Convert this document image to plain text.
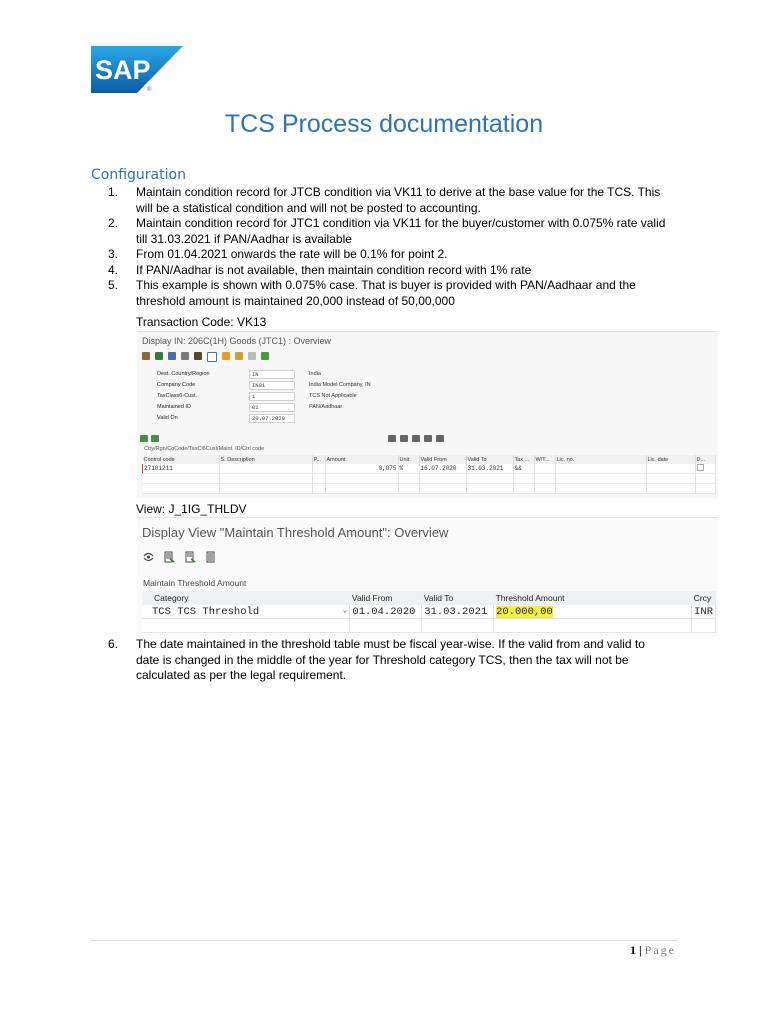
SAP
®
TCS Process documentation
Configuration
1.	Maintain condition record for JTCB condition via VK11 to derive at the base value for the TCS. This will be a statistical condition and will not be posted to accounting.
2.	Maintain condition record for JTC1 condition via VK11 for the buyer/customer with 0.075% rate valid till 31.03.2021 if PAN/Aadhar is available
3.	From 01.04.2021 onwards the rate will be 0.1% for point 2.
4.	If PAN/Aadhar is not available, then maintain condition record with 1% rate
5.	This example is shown with 0.075% case. That is buyer is provided with PAN/Aadhaar and the threshold amount is maintained 20,000 instead of 50,00,000
Transaction Code: VK13
Display IN: 206C(1H) Goods (JTC1) : Overview
Dest. Country/Region	IN	India
Company Code	IN01	India Model Company, IN
TaxClass6-Cust.	1	TCS Not Applicable
Maintained ID	01	PAN/Aadhaar
Valid On	20.07.2020
Ctry/Rgn/CoCode/TaxCl6Cust/Maint. ID/Ctrl code
Control code	S. Description	P...	Amount	Unit	Valid From	Valid To	Tax ...	W/T...	Lic. no.	Lic. date	D...
27101211			0,075	%	16.07.2020	31.03.2021	&&				

View: J_1IG_THLDV
Display View "Maintain Threshold Amount": Overview
Maintain Threshold Amount
Category	Valid From	Valid To	Threshold Amount	Crcy
TCS TCS Threshold ⌄	01.04.2020	31.03.2021	20.000,00	INR

6.	The date maintained in the threshold table must be fiscal year-wise. If the valid from and valid to date is changed in the middle of the year for Threshold category TCS, then the tax will not be calculated as per the legal requirement.
1 | Page
